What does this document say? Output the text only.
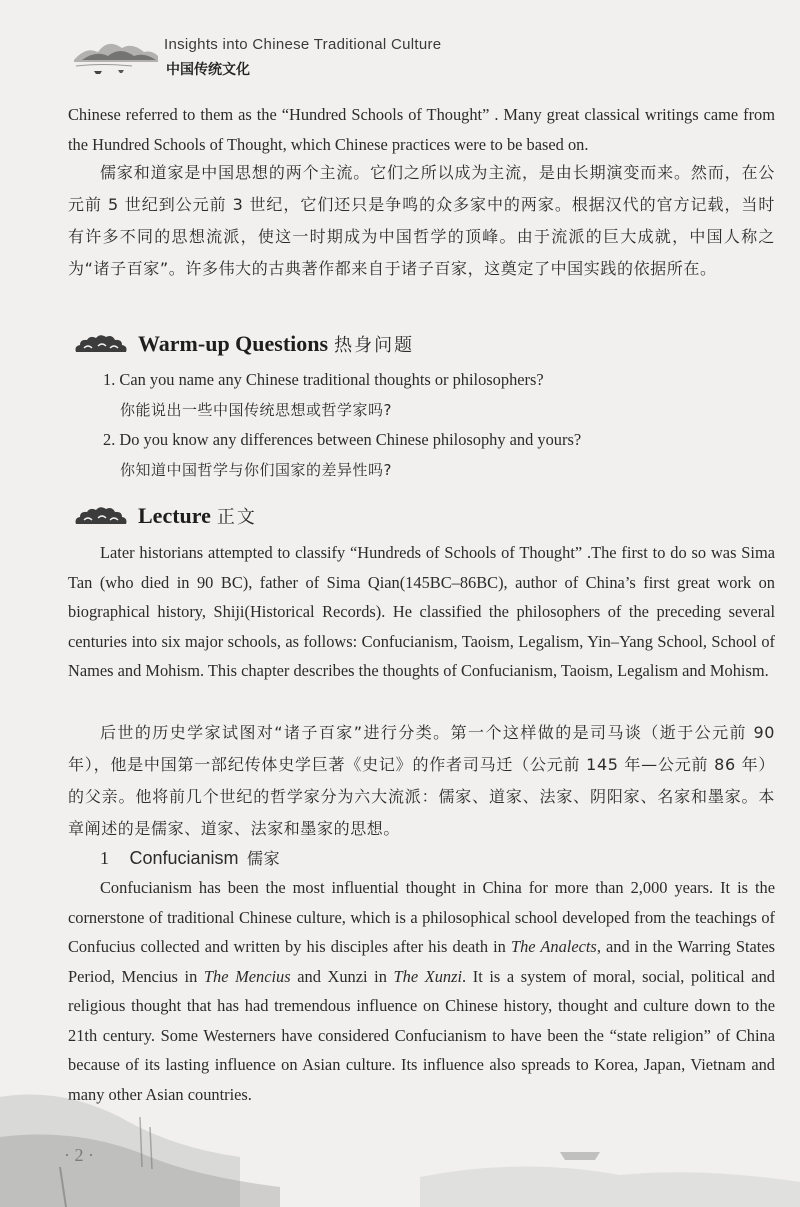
Insights into Chinese Traditional Culture
中国传统文化

Chinese referred to them as the “Hundred Schools of Thought” . Many great classical writings came from the Hundred Schools of Thought, which Chinese practices were to be based on.

儒家和道家是中国思想的两个主流。它们之所以成为主流，是由长期演变而来。然而，在公元前 5 世纪到公元前 3 世纪，它们还只是争鸣的众多家中的两家。根据汉代的官方记载，当时有许多不同的思想流派，使这一时期成为中国哲学的顶峰。由于流派的巨大成就，中国人称之为“诸子百家”。许多伟大的古典著作都来自于诸子百家，这奠定了中国实践的依据所在。

Warm-up Questions 热身问题
1. Can you name any Chinese traditional thoughts or philosophers?
你能说出一些中国传统思想或哲学家吗?
2. Do you know any differences between Chinese philosophy and yours?
你知道中国哲学与你们国家的差异性吗?
Lecture 正文

Later historians attempted to classify “Hundreds of Schools of Thought” .The first to do so was Sima Tan (who died in 90 BC), father of Sima Qian(145BC–86BC), author of China’s first great work on biographical history, Shiji(Historical Records). He classified the philosophers of the preceding several centuries into six major schools, as follows: Confucianism, Taoism, Legalism, Yin–Yang School, School of Names and Mohism. This chapter describes the thoughts of Confucianism, Taoism, Legalism and Mohism.

后世的历史学家试图对“诸子百家”进行分类。第一个这样做的是司马谈（逝于公元前 90 年），他是中国第一部纪传体史学巨著《史记》的作者司马迁（公元前 145 年—公元前 86 年）的父亲。他将前几个世纪的哲学家分为六大流派：儒家、道家、法家、阴阳家、名家和墨家。本章阐述的是儒家、道家、法家和墨家的思想。

1 Confucianism 儒家

Confucianism has been the most influential thought in China for more than 2,000 years. It is the cornerstone of traditional Chinese culture, which is a philosophical school developed from the teachings of Confucius collected and written by his disciples after his death in The Analects, and in the Warring States Period, Mencius in The Mencius and Xunzi in The Xunzi. It is a system of moral, social, political and religious thought that has had tremendous influence on Chinese history, thought and culture down to the 21th century. Some Westerners have considered Confucianism to have been the “state religion” of China because of its lasting influence on Asian culture. Its influence also spreads to Korea, Japan, Vietnam and many other Asian countries.

· 2 ·
